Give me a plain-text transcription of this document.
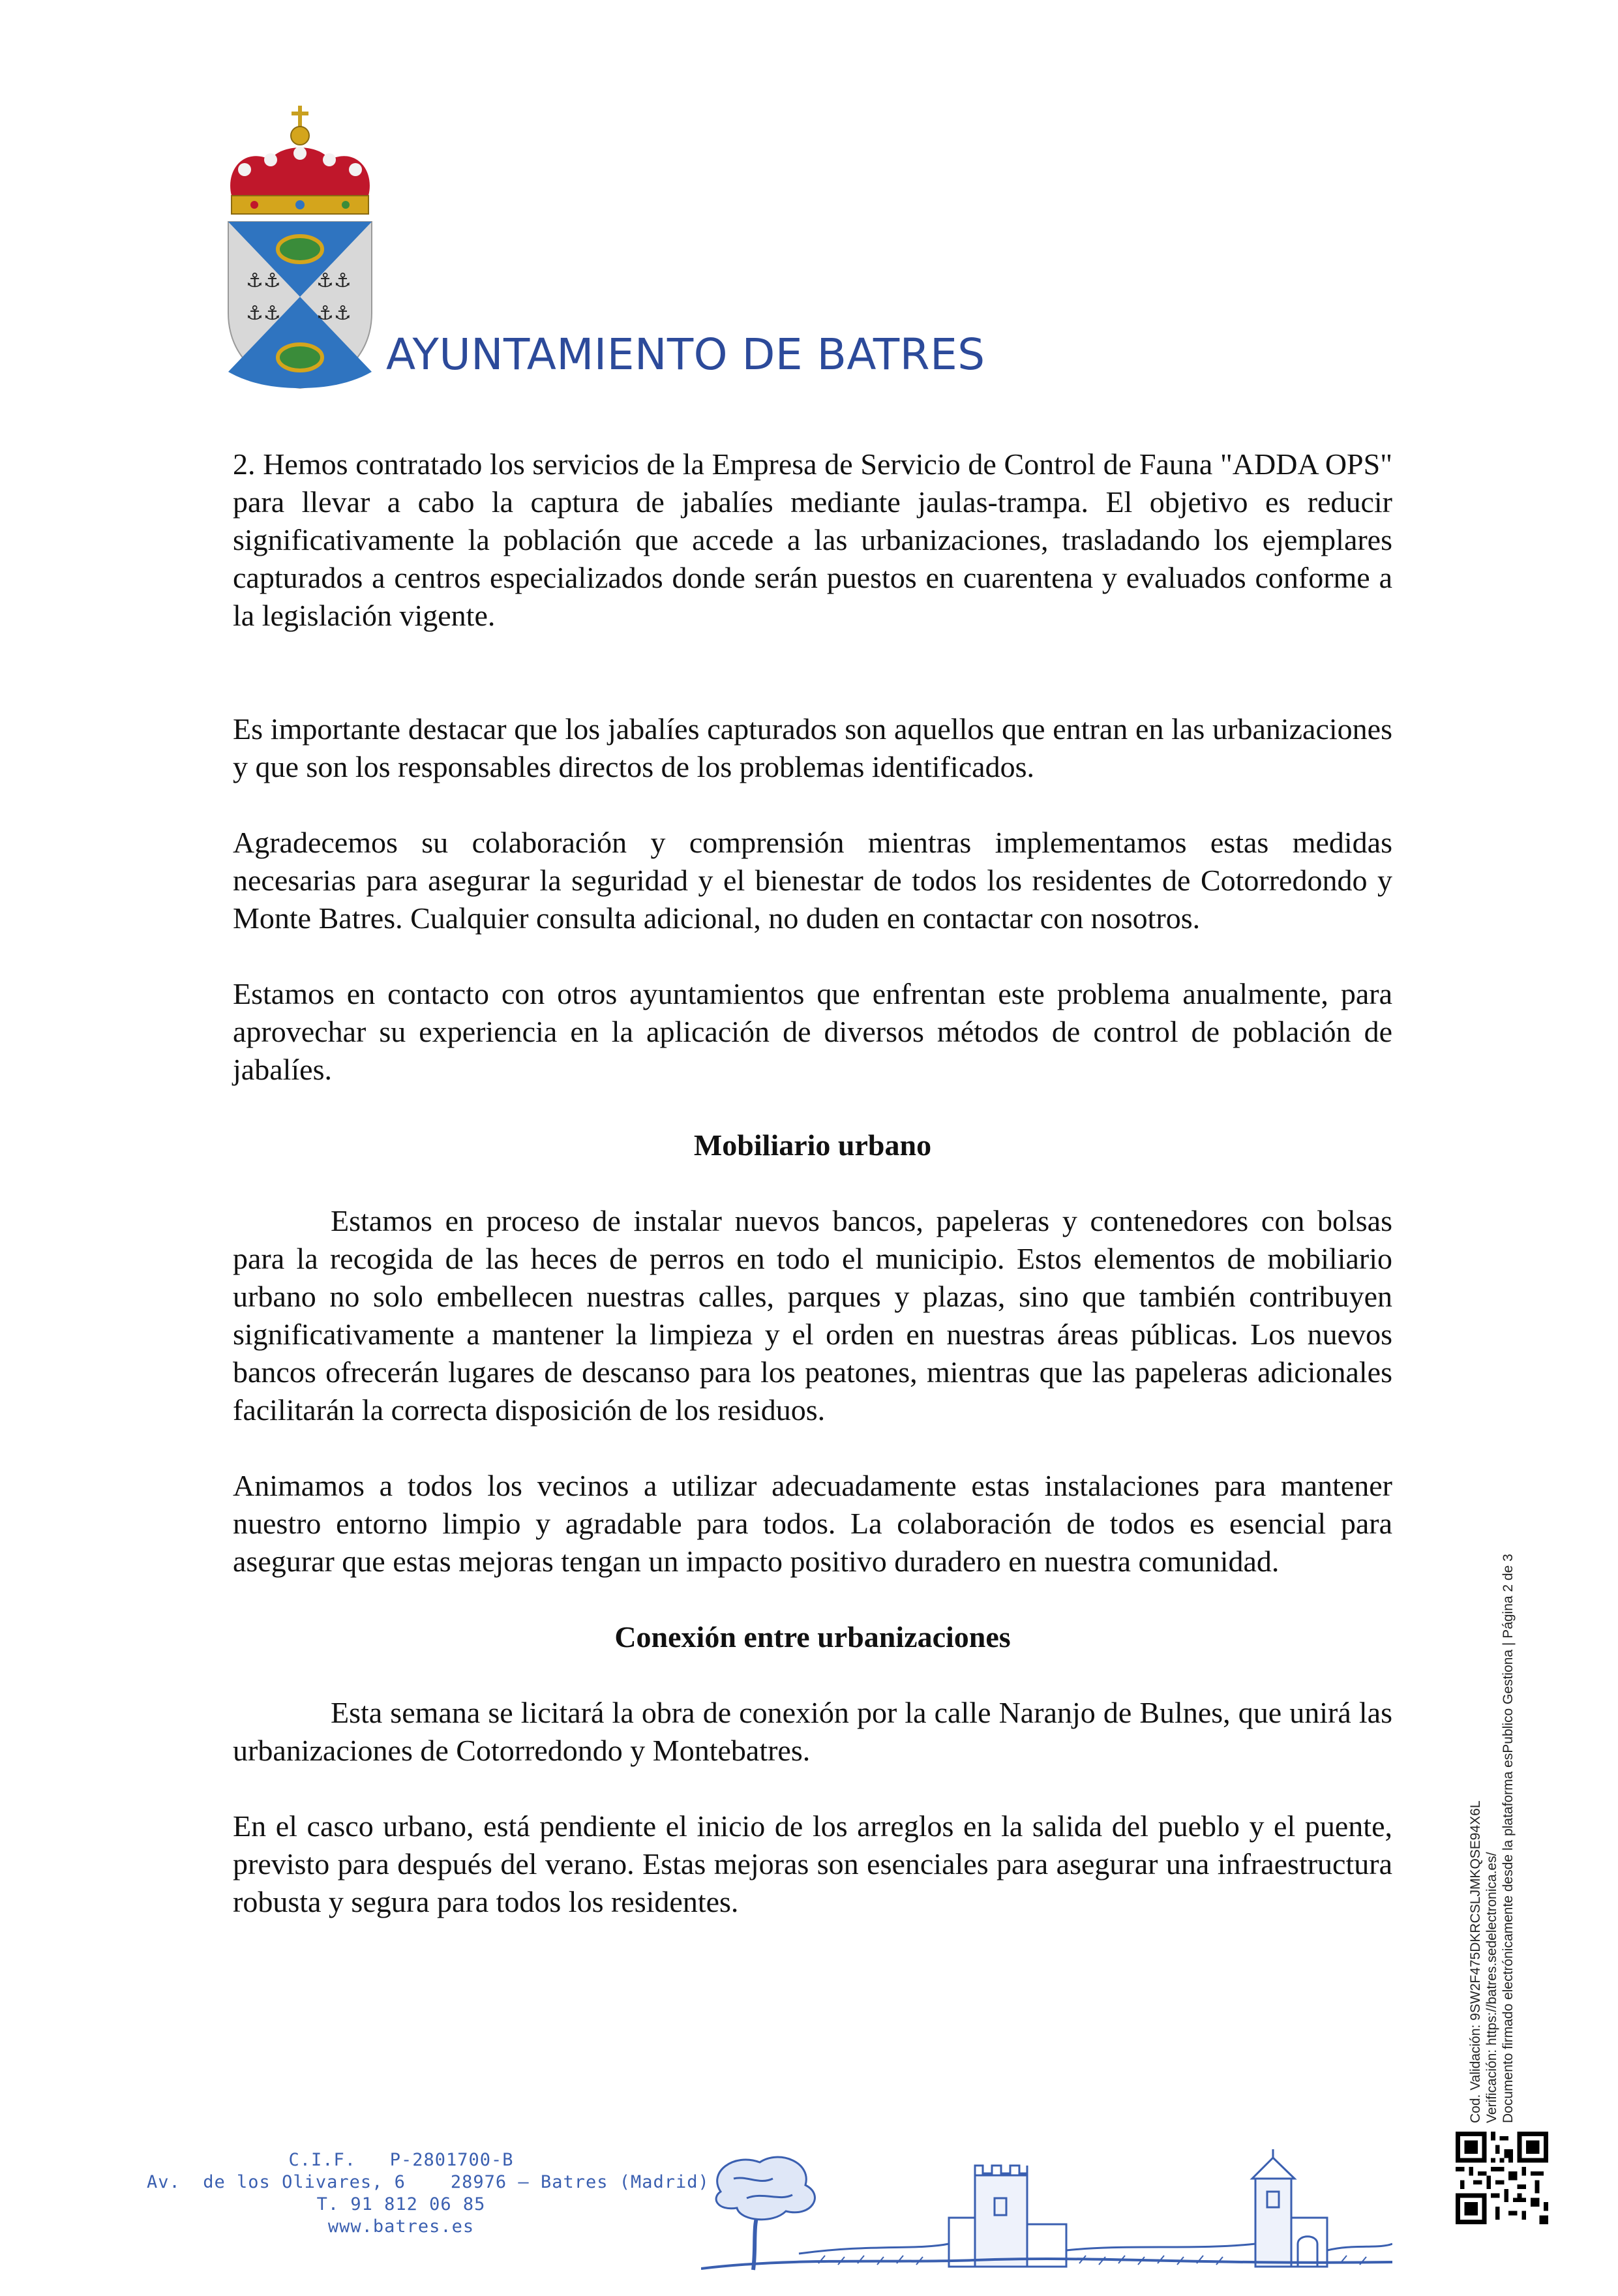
⚓⚓
⚓⚓
⚓⚓
⚓⚓
AYUNTAMIENTO DE BATRES

2. Hemos contratado los servicios de la Empresa de Servicio de Control de Fauna "ADDA OPS" para llevar a cabo la captura de jabalíes mediante jaulas-trampa. El objetivo es reducir significativamente la población que accede a las urbanizaciones, trasladando los ejemplares capturados a centros especializados donde serán puestos en cuarentena y evaluados conforme a la legislación vigente.

Es importante destacar que los jabalíes capturados son aquellos que entran en las urbanizaciones y que son los responsables directos de los problemas identificados.

Agradecemos su colaboración y comprensión mientras implementamos estas medidas necesarias para asegurar la seguridad y el bienestar de todos los residentes de Cotorredondo y Monte Batres. Cualquier consulta adicional, no duden en contactar con nosotros.

Estamos en contacto con otros ayuntamientos que enfrentan este problema anualmente, para aprovechar su experiencia en la aplicación de diversos métodos de control de población de jabalíes.

Mobiliario urbano

Estamos en proceso de instalar nuevos bancos, papeleras y contenedores con bolsas para la recogida de las heces de perros en todo el municipio. Estos elementos de mobiliario urbano no solo embellecen nuestras calles, parques y plazas, sino que también contribuyen significativamente a mantener la limpieza y el orden en nuestras áreas públicas. Los nuevos bancos ofrecerán lugares de descanso para los peatones, mientras que las papeleras adicionales facilitarán la correcta disposición de los residuos.

Animamos a todos los vecinos a utilizar adecuadamente estas instalaciones para mantener nuestro entorno limpio y agradable para todos. La colaboración de todos es esencial para asegurar que estas mejoras tengan un impacto positivo duradero en nuestra comunidad.

Conexión entre urbanizaciones

Esta semana se licitará la obra de conexión por la calle Naranjo de Bulnes, que unirá las urbanizaciones de Cotorredondo y Montebatres.

En el casco urbano, está pendiente el inicio de los arreglos en la salida del pueblo y el puente, previsto para después del verano. Estas mejoras son esenciales para asegurar una infraestructura robusta y segura para todos los residentes.	Cod. Validación: 9SW2F475DKRCSLJMKQSE94X6L Verificación: https://batres.sedelectronica.es/ Documento firmado electrónicamente desde la plataforma esPublico Gestiona | Página 2 de 3
C.I.F.   P-2801700-B
Av.  de los Olivares, 6    28976 – Batres (Madrid)
T. 91 812 06 85
www.batres.es
